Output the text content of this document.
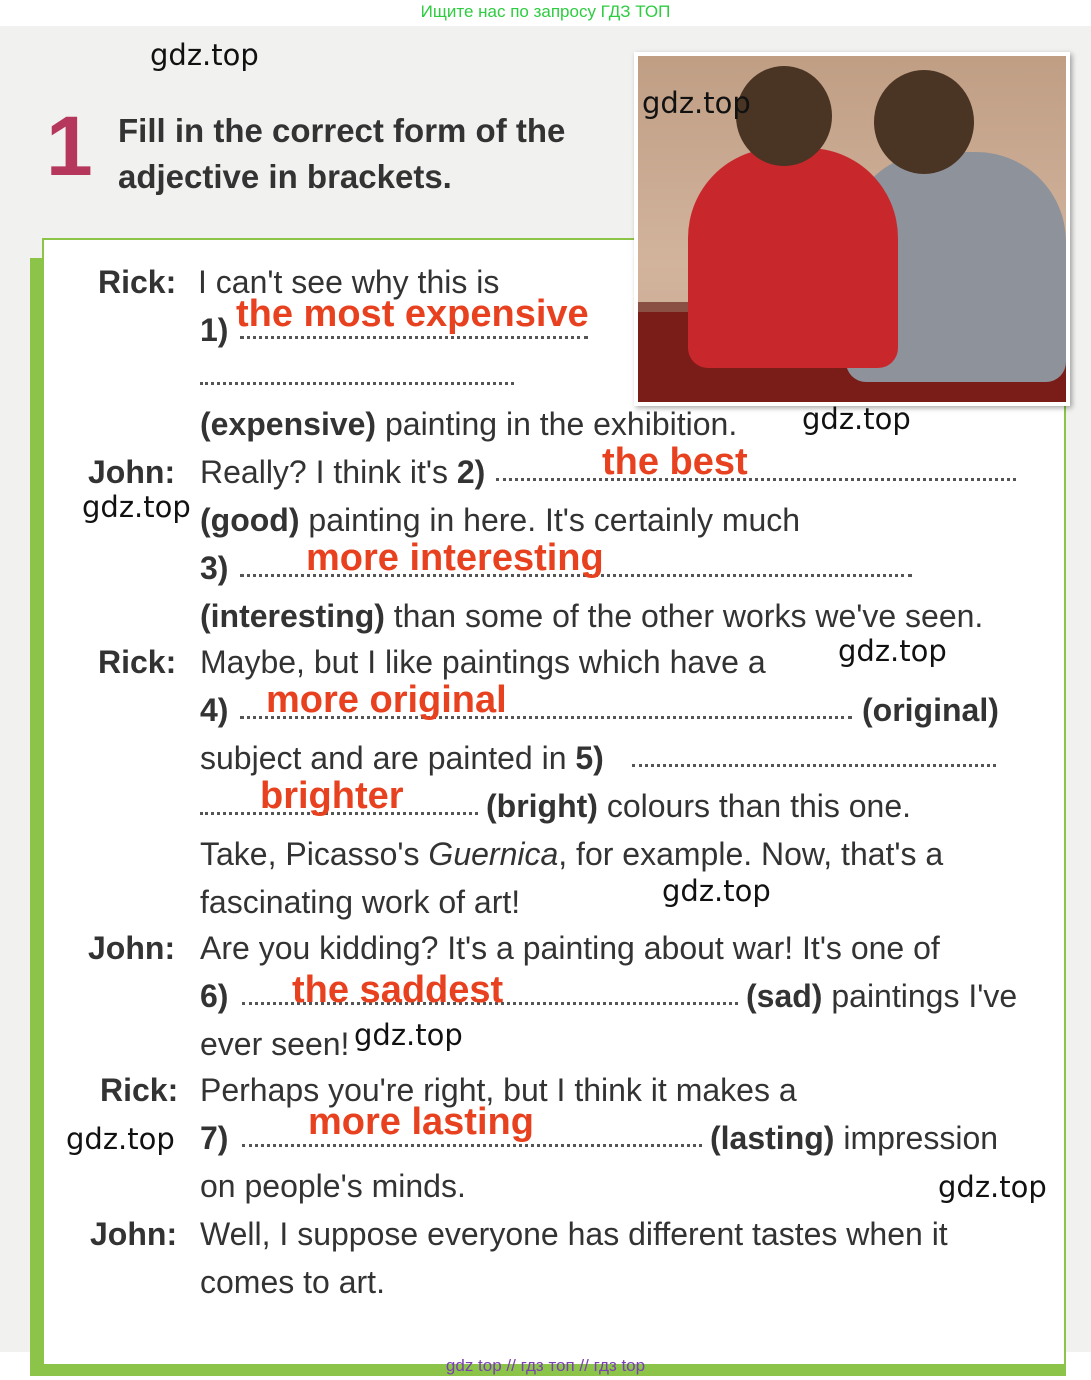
Ищите нас по запросу ГДЗ ТОП
1 Fill in the correct form of the
adjective in brackets.
Rick: I can't see why this is
1)
(expensive) painting in the exhibition.
John: Really? I think it's 2)
(good) painting in here. It's certainly much
3)
(interesting) than some of the other works we've seen.
Rick: Maybe, but I like paintings which have a
4)	(original)
subject and are painted in 5)
(bright) colours than this one.
Take, Picasso's Guernica, for example. Now, that's a
fascinating work of art!
John: Are you kidding? It's a painting about war! It's one of
6)	(sad) paintings I've
ever seen!
Rick: Perhaps you're right, but I think it makes a
7)	(lasting) impression
on people's minds.
John: Well, I suppose everyone has different tastes when it
comes to art.
the most expensive
the best
more interesting
more original
brighter
the saddest
more lasting
gdz.top
gdz.top
gdz.top
gdz.top
gdz.top
gdz.top
gdz.top
gdz.top
gdz.top
gdz top // гдз топ // гдз top
